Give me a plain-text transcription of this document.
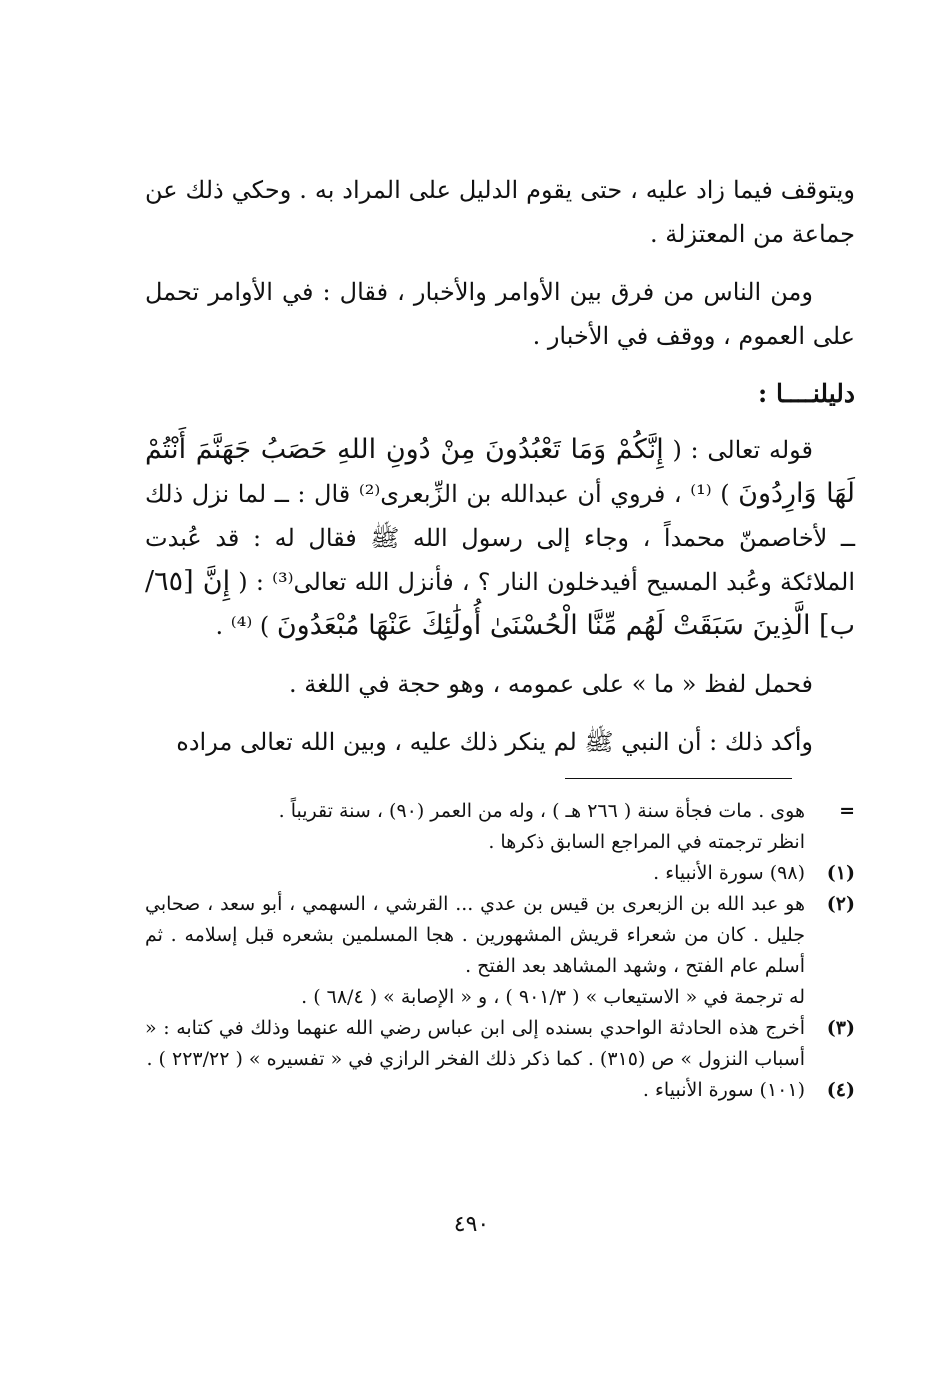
ويتوقف فيما زاد عليه ، حتى يقوم الدليل على المراد به . وحكي ذلك عن جماعة من المعتزلة .

ومن الناس من فرق بين الأوامر والأخبار ، فقال : في الأوامر تحمل على العموم ، ووقف في الأخبار .

دليلنــــا :

قوله تعالى : ( إِنَّكُمْ وَمَا تَعْبُدُونَ مِنْ دُونِ اللهِ حَصَبُ جَهَنَّمَ أَنْتُمْ لَهَا وَارِدُونَ ) ⁽¹⁾ ، فروي أن عبدالله بن الزِّبعرى⁽²⁾ قال : ــ لما نزل ذلك ــ لأخاصمنّ محمداً ، وجاء إلى رسول الله ﷺ فقال له : قد عُبدت الملائكة وعُبد المسيح أفيدخلون النار ؟ ، فأنزل الله تعالى⁽³⁾ : ( إِنَّ [٦٥/ب] الَّذِينَ سَبَقَتْ لَهُم مِّنَّا الْحُسْنَىٰ أُولَٰئِكَ عَنْهَا مُبْعَدُونَ ) ⁽⁴⁾ .

فحمل لفظ « ما » على عمومه ، وهو حجة في اللغة .

وأكد ذلك : أن النبي ﷺ لم ينكر ذلك عليه ، وبين الله تعالى مراده

=
هوى . مات فجأة سنة ( ٢٦٦ هـ ) ، وله من العمر (٩٠) ، سنة تقريباً .
انظر ترجمته في المراجع السابق ذكرها .
(١)
(٩٨) سورة الأنبياء .
(٢)
هو عبد الله بن الزبعرى بن قيس بن عدي ... القرشي ، السهمي ، أبو سعد ، صحابي جليل . كان من شعراء قريش المشهورين . هجا المسلمين بشعره قبل إسلامه . ثم أسلم عام الفتح ، وشهد المشاهد بعد الفتح .
له ترجمة في « الاستيعاب » ( ٩٠١/٣ ) ، و « الإصابة » ( ٦٨/٤ ) .
(٣)
أخرج هذه الحادثة الواحدي بسنده إلى ابن عباس رضي الله عنهما وذلك في كتابه : « أسباب النزول » ص (٣١٥) . كما ذكر ذلك الفخر الرازي في « تفسيره » ( ٢٢٣/٢٢ ) .
(٤)
(١٠١) سورة الأنبياء .
٤٩٠
